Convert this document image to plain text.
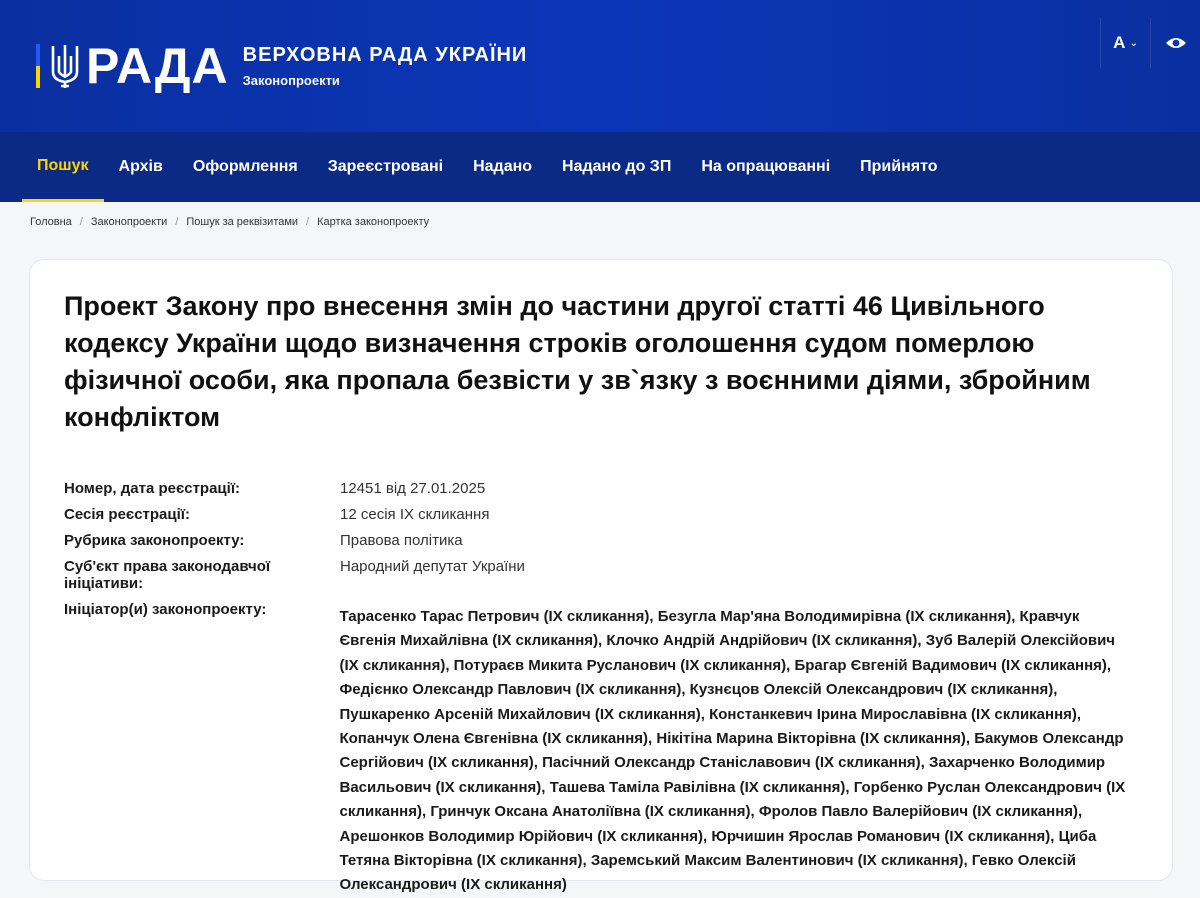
РАДА ВЕРХОВНА РАДА УКРАЇНИ
Законопроекти
A ⌄
Пошук	Архів	Оформлення	Зареєстровані	Надано	Надано до ЗП	На опрацюванні	Прийнято
Головна / Законопроекти / Пошук за реквізитами / Картка законопроекту
Проект Закону про внесення змін до частини другої статті 46 Цивільного кодексу України щодо визначення строків оголошення судом померлою фізичної особи, яка пропала безвісти у зв`язку з воєнними діями, збройним конфліктом
Номер, дата реєстрації:	12451 від 27.01.2025
Сесія реєстрації:	12 сесія IX скликання
Рубрика законопроекту:	Правова політика
Суб'єкт права законодавчої ініціативи:
Народний депутат України
Ініціатор(и) законопроекту:	Тарасенко Тарас Петрович (IX скликання), Безугла Мар'яна Володимирівна (IX скликання), Кравчук Євгенія Михайлівна (IX скликання), Клочко Андрій Андрійович (IX скликання), Зуб Валерій Олексійович (IX скликання), Потураєв Микита Русланович (IX скликання), Брагар Євгеній Вадимович (IX скликання), Федієнко Олександр Павлович (IX скликання), Кузнєцов Олексій Олександрович (IX скликання), Пушкаренко Арсеній Михайлович (IX скликання), Констанкевич Ірина Мирославівна (IX скликання), Копанчук Олена Євгенівна (IX скликання), Нікітіна Марина Вікторівна (IX скликання), Бакумов Олександр Сергійович (IX скликання), Пасічний Олександр Станіславович (IX скликання), Захарченко Володимир Васильович (IX скликання), Ташева Таміла Равілівна (IX скликання), Горбенко Руслан Олександрович (IX скликання), Гринчук Оксана Анатоліївна (IX скликання), Фролов Павло Валерійович (IX скликання), Арешонков Володимир Юрійович (IX скликання), Юрчишин Ярослав Романович (IX скликання), Циба Тетяна Вікторівна (IX скликання), Заремський Максим Валентинович (IX скликання), Гевко Олексій Олександрович (IX скликання)
